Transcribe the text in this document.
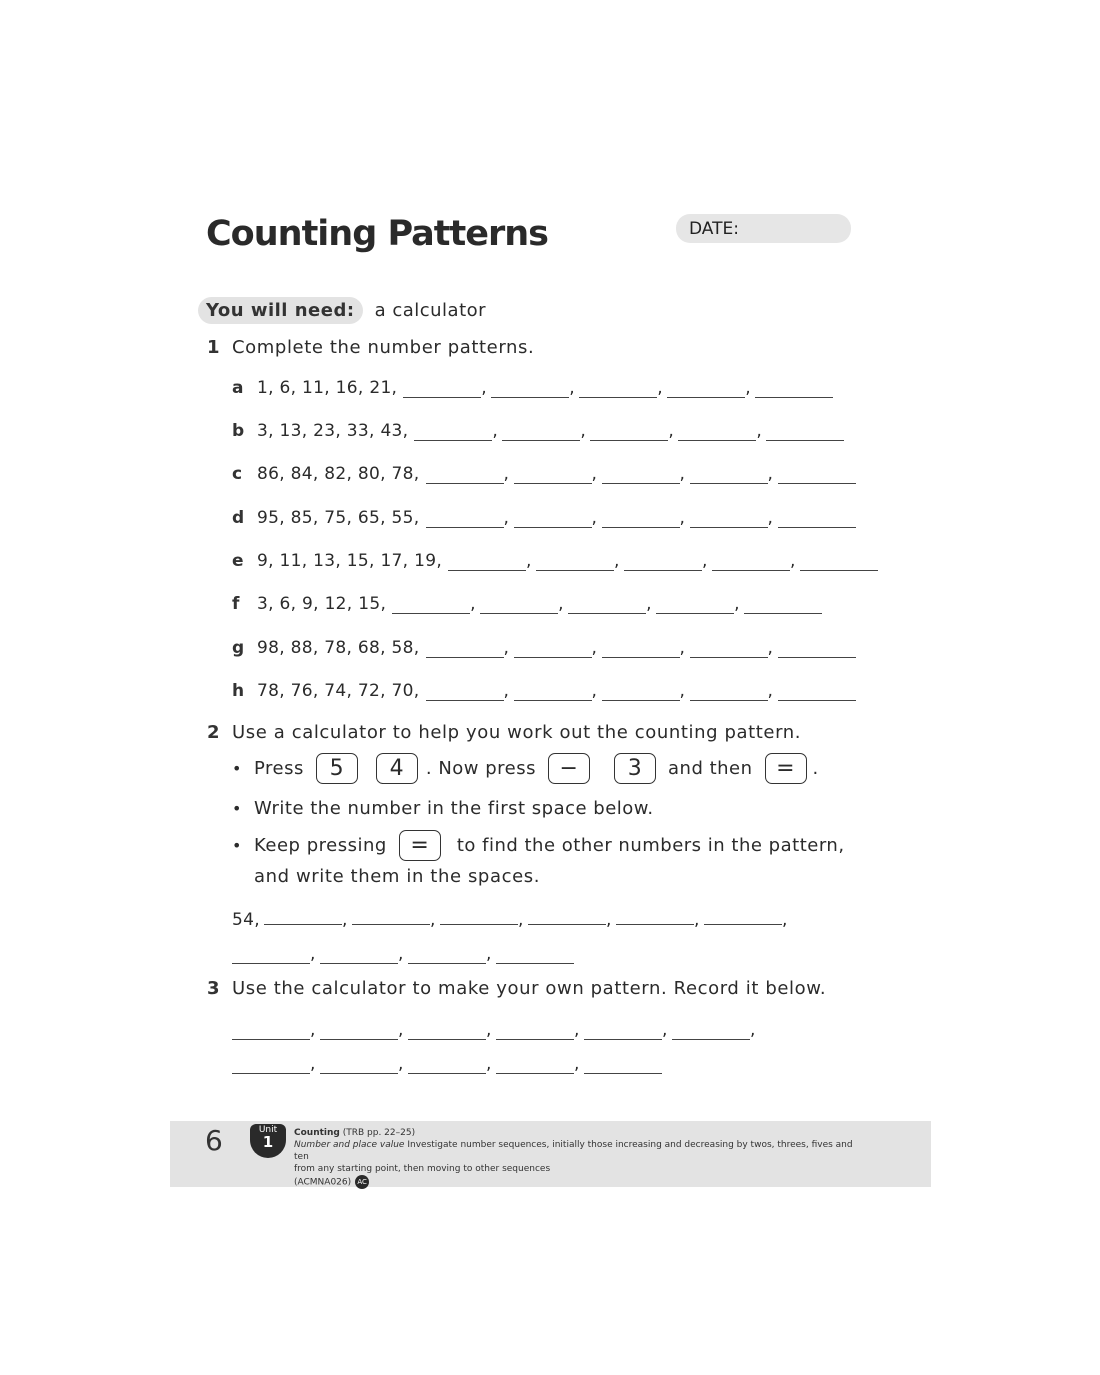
Counting Patterns	DATE:
You will need:	a calculator
1 Complete the number patterns.
a 1, 6, 11, 16, 21,	,	,	,	,
b 3, 13, 23, 33, 43,	,	,	,	,
c 86, 84, 82, 80, 78,	,	,	,	,
d 95, 85, 75, 65, 55,	,	,	,	,
e 9, 11, 13, 15, 17, 19,	,	,	,	,
f	3, 6, 9, 12, 15,	,	,	,	,
g 98, 88, 78, 68, 58,	,	,	,	,
h 78, 76, 74, 72, 70,	,	,	,	,
2 Use a calculator to help you work out the counting pattern.
• Press	5	4	. Now press	−	3	and then	= .
• Write the number in the first space below.
• Keep pressing	=	to find the other numbers in the pattern,
and write them in the spaces.
54,	,	,	,	,	,	,
,	,	,
3 Use the calculator to make your own pattern. Record it below.
,	,	,	,	,	,
,	,	,	,
6	Unit
1	Counting (TRB pp. 22–25)
Number and place value Investigate number sequences, initially those increasing and decreasing by twos, threes, fives and ten
from any starting point, then moving to other sequences
(ACMNA026) AC
